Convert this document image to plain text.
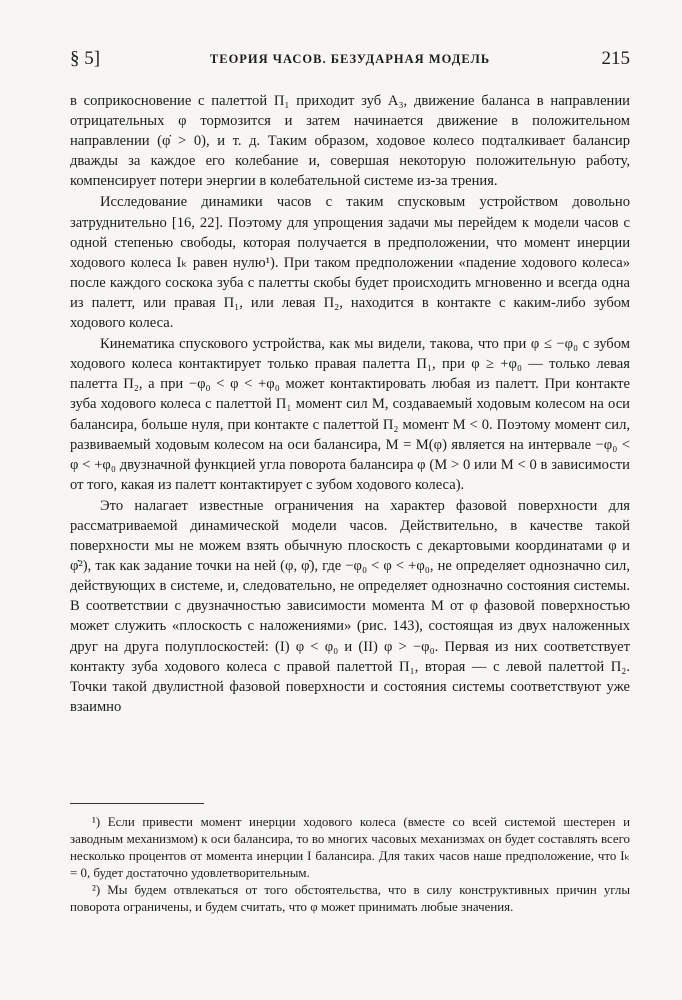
§ 5]	ТЕОРИЯ ЧАСОВ. БЕЗУДАРНАЯ МОДЕЛЬ	215

в соприкосновение с палеттой Π₁ приходит зуб A₃, движение баланса в направлении отрицательных φ тормозится и затем начинается движение в положительном направлении (φ̇ > 0), и т. д. Таким образом, ходовое колесо подталкивает балансир дважды за каждое его колебание и, совершая некоторую положительную работу, компенсирует потери энергии в колебательной системе из-за трения.

Исследование динамики часов с таким спусковым устройством довольно затруднительно [16, 22]. Поэтому для упрощения задачи мы перейдем к модели часов с одной степенью свободы, которая получается в предположении, что момент инерции ходового колеса Iₖ равен нулю¹). При таком предположении «падение ходового колеса» после каждого соскока зуба с палетты скобы будет происходить мгновенно и всегда одна из палетт, или правая Π₁, или левая Π₂, находится в контакте с каким-либо зубом ходового колеса.

Кинематика спускового устройства, как мы видели, такова, что при φ ≤ −φ₀ с зубом ходового колеса контактирует только правая палетта Π₁, при φ ≥ +φ₀ — только левая палетта Π₂, а при −φ₀ < φ < +φ₀ может контактировать любая из палетт. При контакте зуба ходового колеса с палеттой Π₁ момент сил M, создаваемый ходовым колесом на оси балансира, больше нуля, при контакте с палеттой Π₂ момент M < 0. Поэтому момент сил, развиваемый ходовым колесом на оси балансира, M = M(φ) является на интервале −φ₀ < φ < +φ₀ двузначной функцией угла поворота балансира φ (M > 0 или M < 0 в зависимости от того, какая из палетт контактирует с зубом ходового колеса).

Это налагает известные ограничения на характер фазовой поверхности для рассматриваемой динамической модели часов. Действительно, в качестве такой поверхности мы не можем взять обычную плоскость с декартовыми координатами φ и φ̇²), так как задание точки на ней (φ, φ̇), где −φ₀ < φ < +φ₀, не определяет однозначно сил, действующих в системе, и, следовательно, не определяет однозначно состояния системы. В соответствии с двузначностью зависимости момента M от φ фазовой поверхностью может служить «плоскость с наложениями» (рис. 143), состоящая из двух наложенных друг на друга полуплоскостей: (I) φ < φ₀ и (II) φ > −φ₀. Первая из них соответствует контакту зуба ходового колеса с правой палеттой Π₁, вторая — с левой палеттой Π₂. Точки такой двулистной фазовой поверхности и состояния системы соответствуют уже взаимно

¹) Если привести момент инерции ходового колеса (вместе со всей системой шестерен и заводным механизмом) к оси балансира, то во многих часовых механизмах он будет составлять всего несколько процентов от момента инерции I балансира. Для таких часов наше предположение, что Iₖ = 0, будет достаточно удовлетворительным.

²) Мы будем отвлекаться от того обстоятельства, что в силу конструктивных причин углы поворота ограничены, и будем считать, что φ может принимать любые значения.
